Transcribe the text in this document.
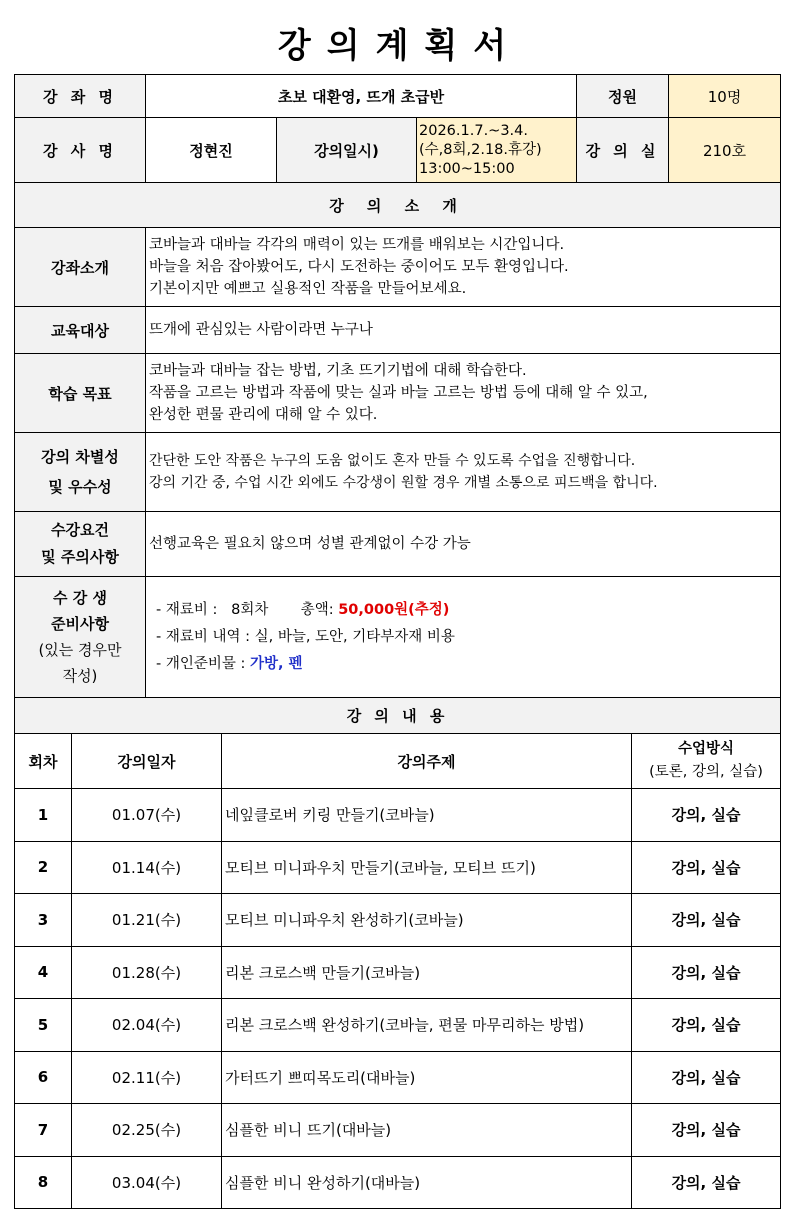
강의계획서
강 좌 명	초보 대환영, 뜨개 초급반			정원	10명
강 사 명	정현진	강의일시)	2026.1.7.~3.4.
(수,8회,2.18.휴강)
13:00~15:00	강 의 실	210호
강 의 소 개					
강좌소개	코바늘과 대바늘 각각의 매력이 있는 뜨개를 배워보는 시간입니다.
바늘을 처음 잡아봤어도, 다시 도전하는 중이어도 모두 환영입니다.
기본이지만 예쁘고 실용적인 작품을 만들어보세요.				

교육대상	뜨개에 관심있는 사람이라면 누구나				
학습 목표	코바늘과 대바늘 잡는 방법, 기초 뜨기기법에 대해 학습한다.
작품을 고르는 방법과 작품에 맞는 실과 바늘 고르는 방법 등에 대해 알 수 있고,
완성한 편물 관리에 대해 알 수 있다.				

강의 차별성
및 우수성	간단한 도안 작품은 누구의 도움 없이도 혼자 만들 수 있도록 수업을 진행합니다.
강의 기간 중, 수업 시간 외에도 수강생이 원할 경우 개별 소통으로 피드백을 합니다.				

수강요건
및 주의사항	선행교육은 필요치 않으며 성별 관계없이 수강 가능				

수 강 생
준비사항
(있는 경우만
작성)	- 재료비 :   8회차       총액: 50,000원(추정)
- 재료비 내역 : 실, 바늘, 도안, 기타부자재 비용
- 개인준비물 : 가방, 펜				
강 의 내 용			
회차	강의일자	강의주제	수업방식
(토론, 강의, 실습)

1	01.07(수)	네잎클로버 키링 만들기(코바늘)	강의, 실습
2	01.14(수)	모티브 미니파우치 만들기(코바늘, 모티브 뜨기)	강의, 실습
3	01.21(수)	모티브 미니파우치 완성하기(코바늘)	강의, 실습
4	01.28(수)	리본 크로스백 만들기(코바늘)	강의, 실습
5	02.04(수)	리본 크로스백 완성하기(코바늘, 편물 마무리하는 방법)	강의, 실습
6	02.11(수)	가터뜨기 쁘띠목도리(대바늘)	강의, 실습
7	02.25(수)	심플한 비니 뜨기(대바늘)	강의, 실습
8	03.04(수)	심플한 비니 완성하기(대바늘)	강의, 실습
